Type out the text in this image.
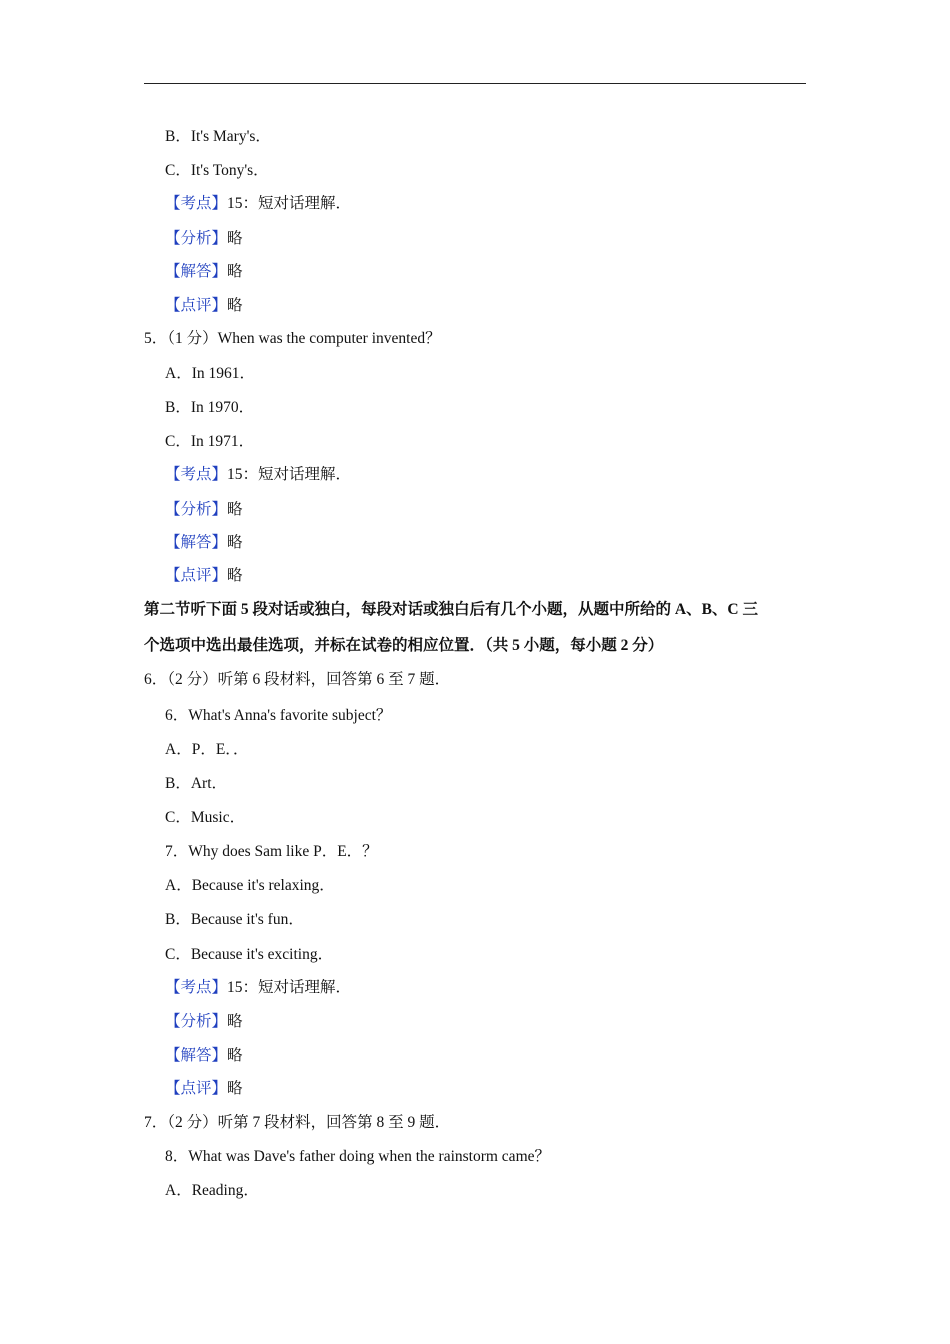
B．It's Mary's．
C．It's Tony's．
【考点】15：短对话理解．
【分析】略
【解答】略
【点评】略
5．（1 分）When was the computer invented？
A．In 1961．
B．In 1970．
C．In 1971．
【考点】15：短对话理解．
【分析】略
【解答】略
【点评】略
第二节听下面 5 段对话或独白，每段对话或独白后有几个小题，从题中所给的 A、B、C 三
个选项中选出最佳选项，并标在试卷的相应位置．（共 5 小题，每小题 2 分）
6．（2 分）听第 6 段材料，回答第 6 至 7 题．
6．What's Anna's favorite subject？
A．P．E．．
B．Art．
C．Music．
7．Why does Sam like P．E．？
A．Because it's relaxing．
B．Because it's fun．
C．Because it's exciting．
【考点】15：短对话理解．
【分析】略
【解答】略
【点评】略
7．（2 分）听第 7 段材料，回答第 8 至 9 题．
8．What was Dave's father doing when the rainstorm came？
A．Reading．
